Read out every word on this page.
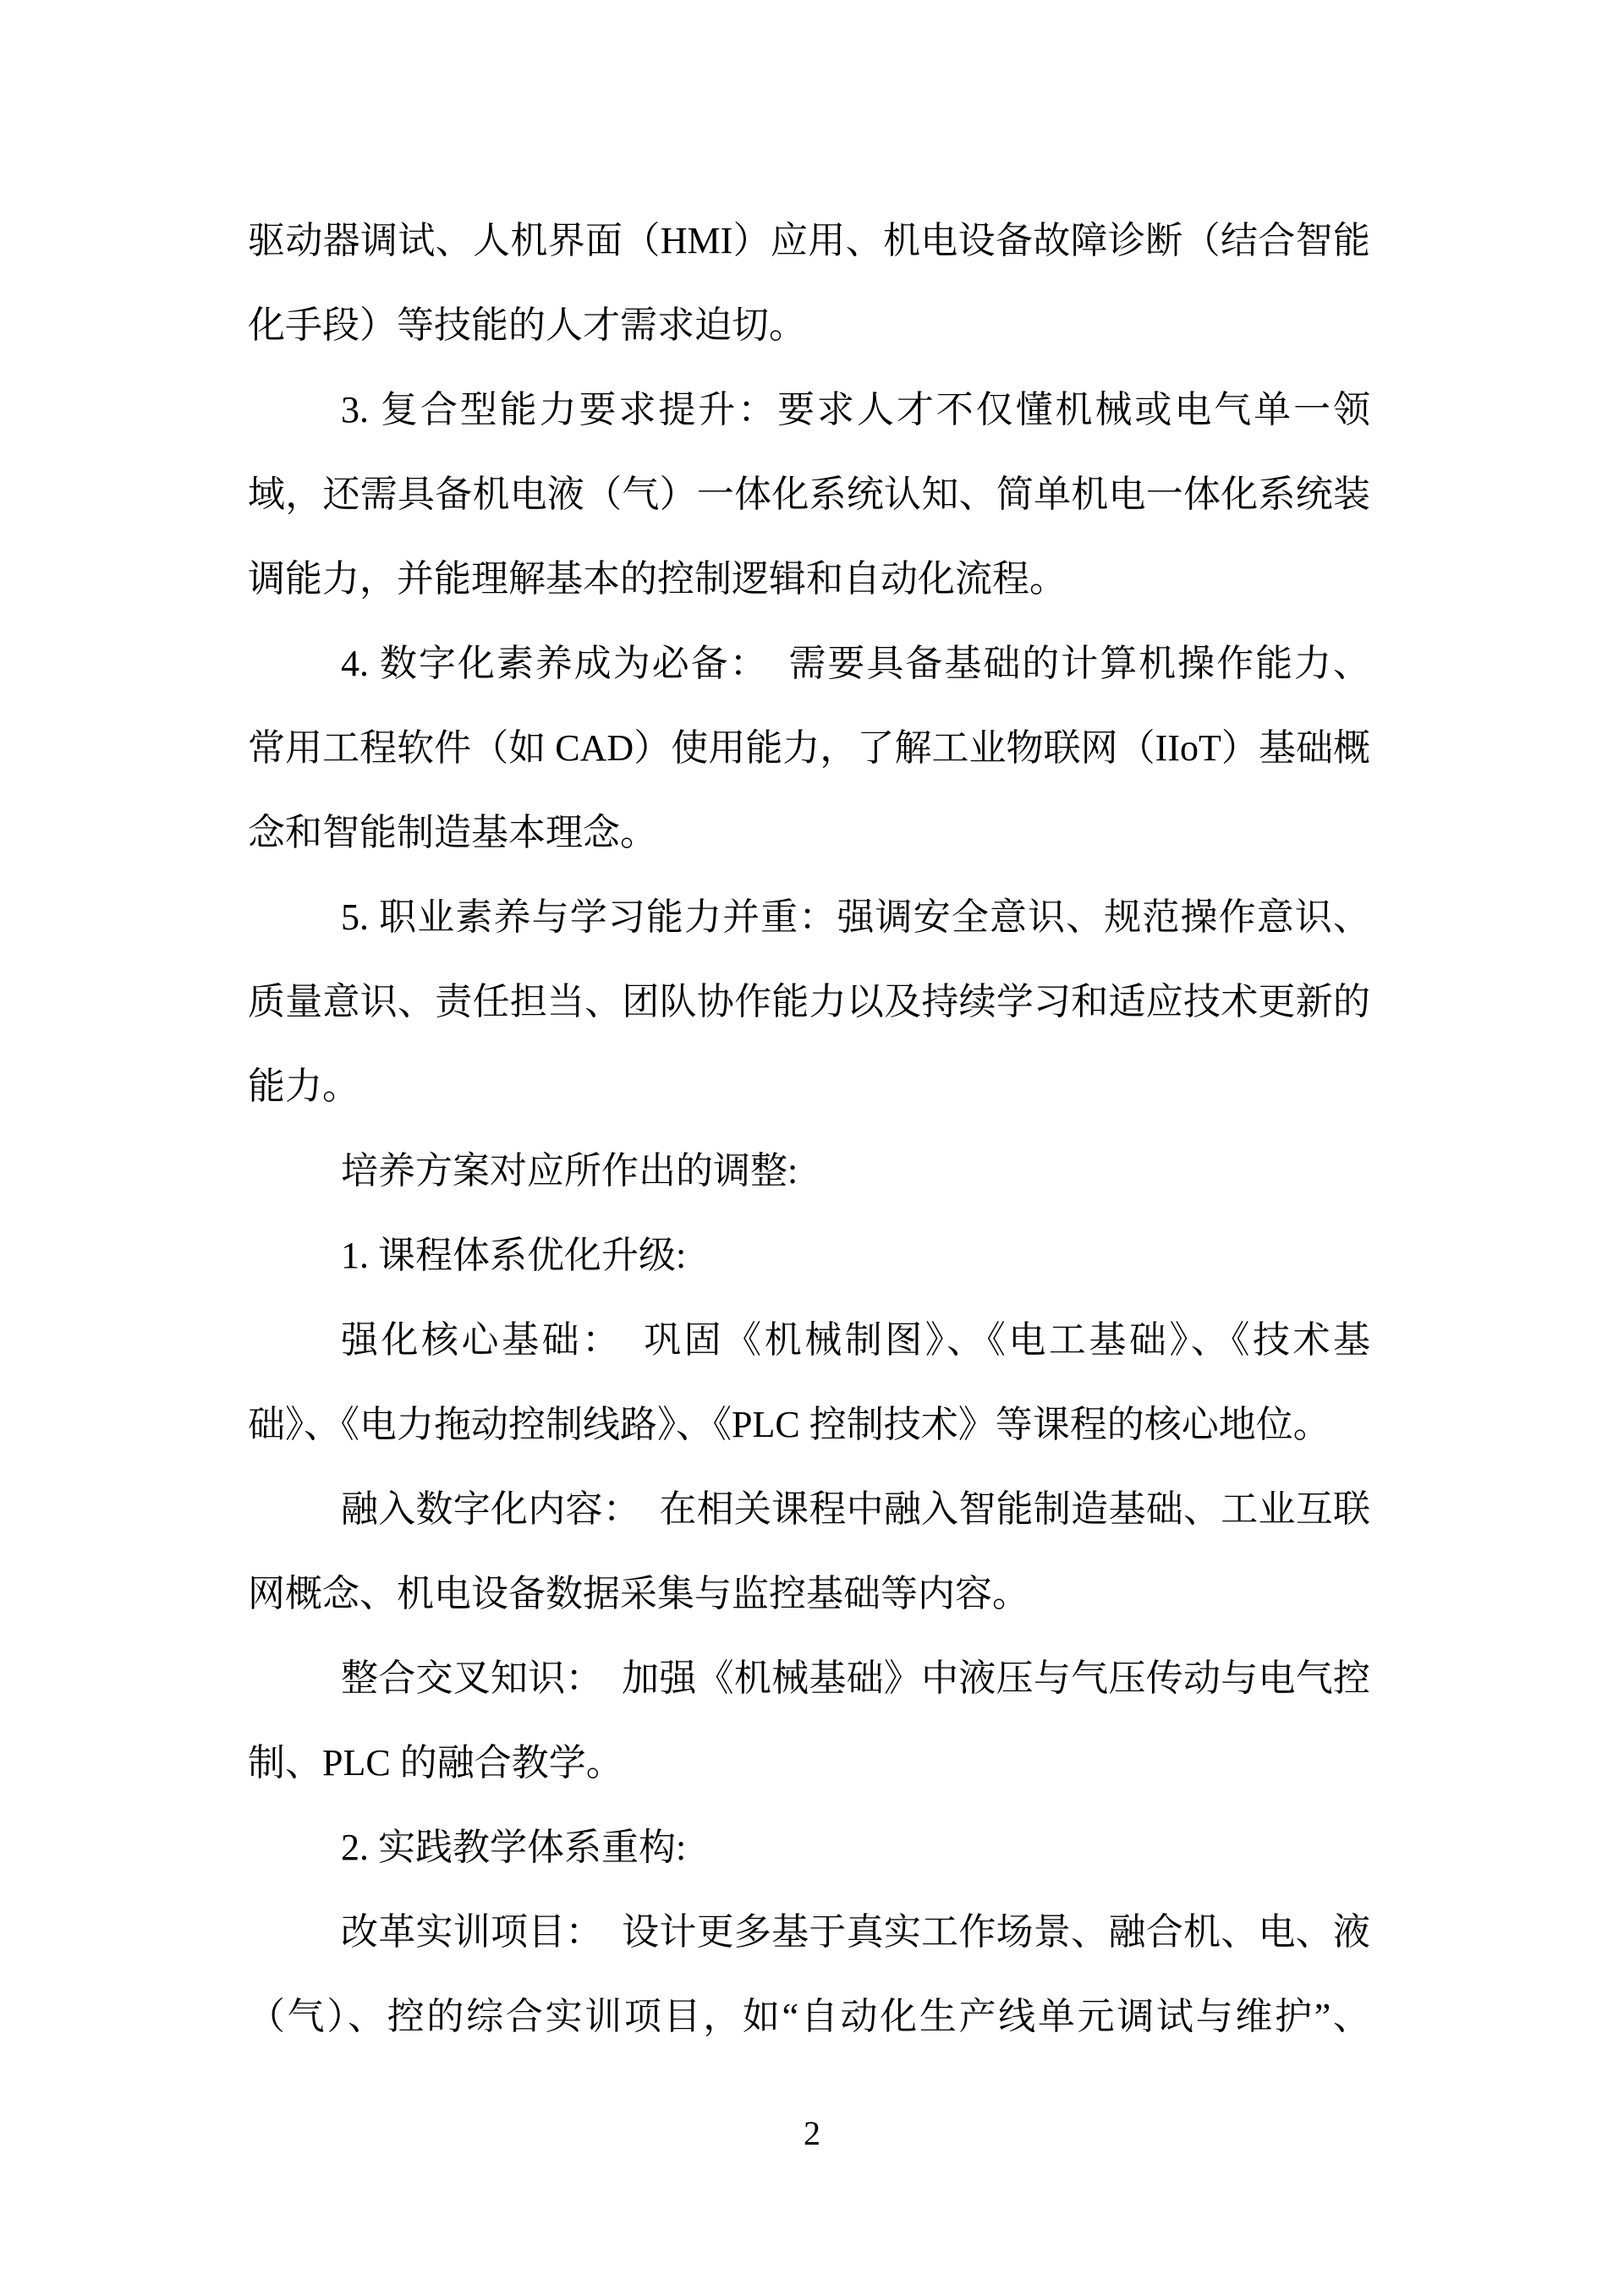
驱动器调试、人机界面（HMI）应用、机电设备故障诊断（结合智能
化手段）等技能的人才需求迫切。
3. 复合型能力要求提升：要求人才不仅懂机械或电气单一领
域，还需具备机电液（气）一体化系统认知、简单机电一体化系统装
调能力，并能理解基本的控制逻辑和自动化流程。
4. 数字化素养成为必备：　需要具备基础的计算机操作能力、
常用工程软件（如 CAD）使用能力，了解工业物联网（IIoT）基础概
念和智能制造基本理念。
5. 职业素养与学习能力并重：强调安全意识、规范操作意识、
质量意识、责任担当、团队协作能力以及持续学习和适应技术更新的
能力。
培养方案对应所作出的调整:
1. 课程体系优化升级:
强化核心基础：　巩固《机械制图》、《电工基础》、《技术基
础》、《电力拖动控制线路》、《PLC 控制技术》等课程的核心地位。
融入数字化内容：　在相关课程中融入智能制造基础、工业互联
网概念、机电设备数据采集与监控基础等内容。
整合交叉知识：　加强《机械基础》中液压与气压传动与电气控
制、PLC 的融合教学。
2. 实践教学体系重构:
改革实训项目：　设计更多基于真实工作场景、融合机、电、液
（气）、控的综合实训项目，如“自动化生产线单元调试与维护”、
2
